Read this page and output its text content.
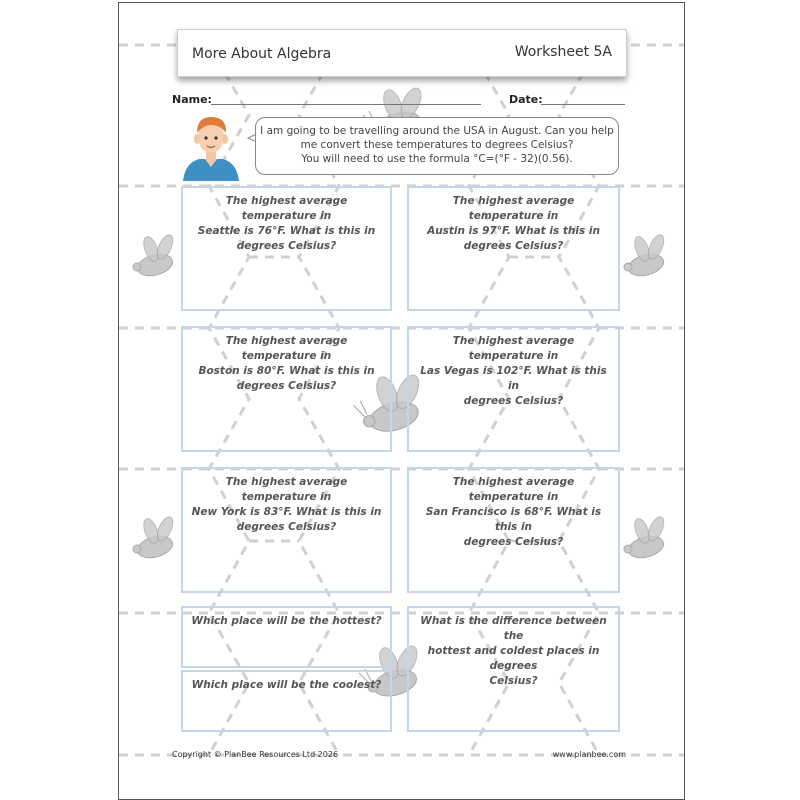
More About Algebra	Worksheet 5A
Name:	Date:
I am going to be travelling around the USA in August. Can you help
me convert these temperatures to degrees Celsius?
You will need to use the formula °C=(°F - 32)(0.56).
The highest average temperature in
Seattle is 76°F. What is this in
degrees Celsius?
The highest average temperature in
Austin is 97°F. What is this in
degrees Celsius?
The highest average temperature in
Boston is 80°F. What is this in
degrees Celsius?
The highest average temperature in
Las Vegas is 102°F. What is this in
degrees Celsius?
The highest average temperature in
New York is 83°F. What is this in
degrees Celsius?
The highest average temperature in
San Francisco is 68°F. What is this in
degrees Celsius?
Which place will be the hottest?
Which place will be the coolest?
What is the difference between the
hottest and coldest places in degrees
Celsius?
Copyright © PlanBee Resources Ltd 2026	www.planbee.com
